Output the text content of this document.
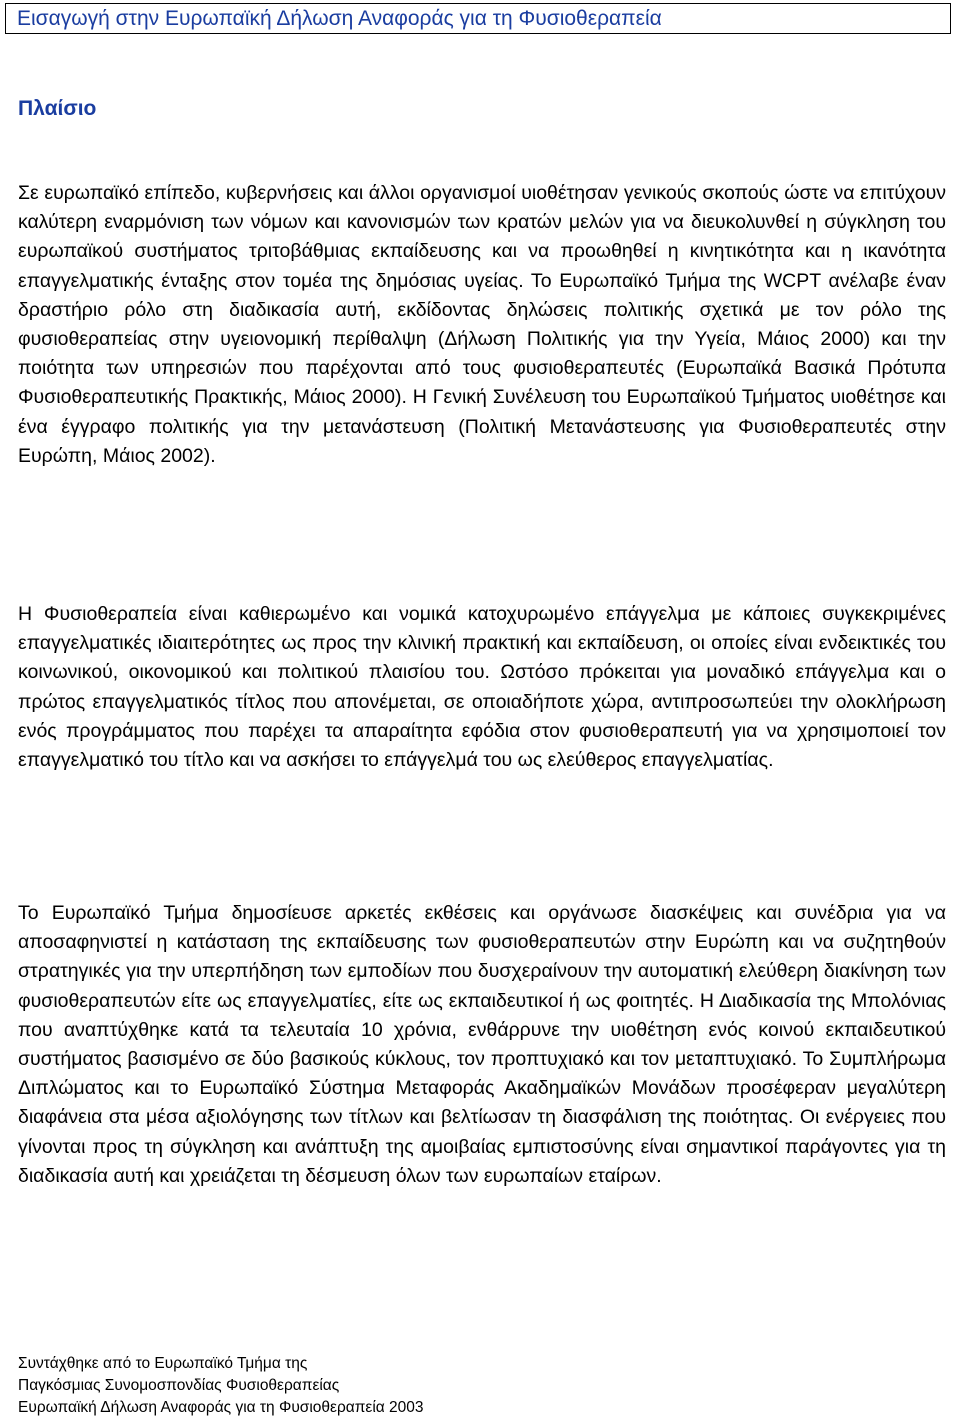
Εισαγωγή στην Ευρωπαϊκή Δήλωση Αναφοράς για τη Φυσιοθεραπεία
Πλαίσιο

Σε ευρωπαϊκό επίπεδο, κυβερνήσεις και άλλοι οργανισμοί υιοθέτησαν γενικούς σκοπούς ώστε να επιτύχουν καλύτερη εναρμόνιση των νόμων και κανονισμών των κρατών μελών για να διευκολυνθεί η σύγκληση του ευρωπαϊκού συστήματος τριτοβάθμιας εκπαίδευσης και να προωθηθεί η κινητικότητα και η ικανότητα επαγγελματικής ένταξης στον τομέα της δημόσιας υγείας. Το Ευρωπαϊκό Τμήμα της WCPT ανέλαβε έναν δραστήριο ρόλο στη διαδικασία αυτή, εκδίδοντας δηλώσεις πολιτικής σχετικά με τον ρόλο της φυσιοθεραπείας στην υγειονομική περίθαλψη (Δήλωση Πολιτικής για την Υγεία, Μάιος 2000) και την ποιότητα των υπηρεσιών που παρέχονται από τους φυσιοθεραπευτές (Ευρωπαϊκά Βασικά Πρότυπα Φυσιοθεραπευτικής Πρακτικής, Μάιος 2000). Η Γενική Συνέλευση του Ευρωπαϊκού Τμήματος υιοθέτησε και ένα έγγραφο πολιτικής για την μετανάστευση (Πολιτική Μετανάστευσης για Φυσιοθεραπευτές στην Ευρώπη, Μάιος 2002).

Η Φυσιοθεραπεία είναι καθιερωμένο και νομικά κατοχυρωμένο επάγγελμα με κάποιες συγκεκριμένες επαγγελματικές ιδιαιτερότητες ως προς την κλινική πρακτική και εκπαίδευση, οι οποίες είναι ενδεικτικές του κοινωνικού, οικονομικού και πολιτικού πλαισίου του. Ωστόσο πρόκειται για μοναδικό επάγγελμα και ο πρώτος επαγγελματικός τίτλος που απονέμεται, σε οποιαδήποτε χώρα, αντιπροσωπεύει την ολοκλήρωση ενός προγράμματος που παρέχει τα απαραίτητα εφόδια στον φυσιοθεραπευτή για να χρησιμοποιεί τον επαγγελματικό του τίτλο και να ασκήσει το επάγγελμά του ως ελεύθερος επαγγελματίας.

Το Ευρωπαϊκό Τμήμα δημοσίευσε αρκετές εκθέσεις και οργάνωσε διασκέψεις και συνέδρια για να αποσαφηνιστεί η κατάσταση της εκπαίδευσης των φυσιοθεραπευτών στην Ευρώπη και να συζητηθούν στρατηγικές για την υπερπήδηση των εμποδίων που δυσχεραίνουν την αυτοματική ελεύθερη διακίνηση των φυσιοθεραπευτών είτε ως επαγγελματίες, είτε ως εκπαιδευτικοί ή ως φοιτητές. Η Διαδικασία της Μπολόνιας που αναπτύχθηκε κατά τα τελευταία 10 χρόνια, ενθάρρυνε την υιοθέτηση ενός κοινού εκπαιδευτικού συστήματος βασισμένο σε δύο βασικούς κύκλους, τον προπτυχιακό και τον μεταπτυχιακό. Το Συμπλήρωμα Διπλώματος και το Ευρωπαϊκό Σύστημα Μεταφοράς Ακαδημαϊκών Μονάδων προσέφεραν μεγαλύτερη διαφάνεια στα μέσα αξιολόγησης των τίτλων και βελτίωσαν τη διασφάλιση της ποιότητας. Οι ενέργειες που γίνονται προς τη σύγκληση και ανάπτυξη της αμοιβαίας εμπιστοσύνης είναι σημαντικοί παράγοντες για τη διαδικασία αυτή και χρειάζεται τη δέσμευση όλων των ευρωπαίων εταίρων.

Συντάχθηκε από το Ευρωπαϊκό Τμήμα της
Παγκόσμιας Συνομοσπονδίας Φυσιοθεραπείας
Ευρωπαϊκή Δήλωση Αναφοράς για τη Φυσιοθεραπεία 2003
